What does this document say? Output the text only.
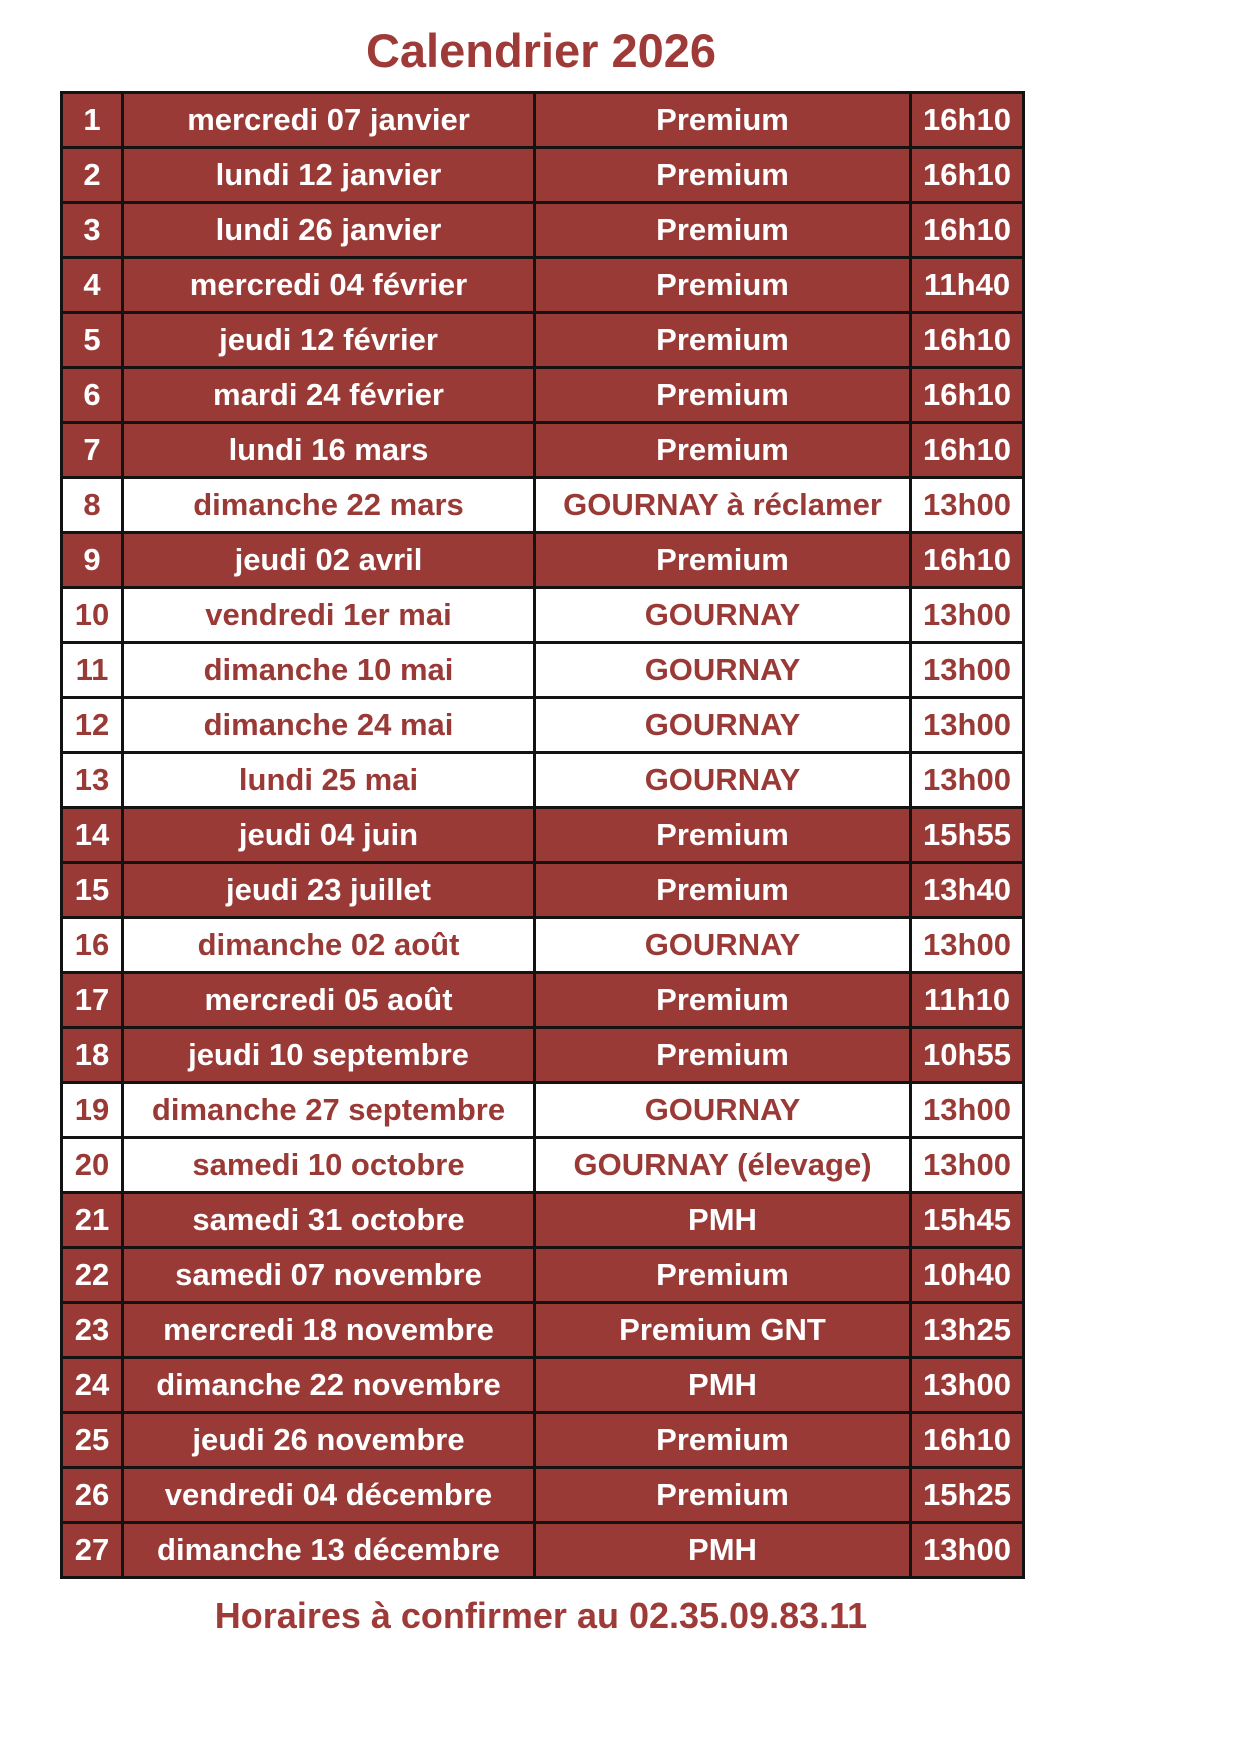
Calendrier 2026
1	mercredi 07 janvier	Premium	16h10
2	lundi 12 janvier	Premium	16h10
3	lundi 26 janvier	Premium	16h10
4	mercredi 04 février	Premium	11h40
5	jeudi 12 février	Premium	16h10
6	mardi 24 février	Premium	16h10
7	lundi 16 mars	Premium	16h10
8	dimanche 22 mars	GOURNAY à réclamer	13h00
9	jeudi 02 avril	Premium	16h10
10	vendredi 1er mai	GOURNAY	13h00
11	dimanche 10 mai	GOURNAY	13h00
12	dimanche 24 mai	GOURNAY	13h00
13	lundi 25 mai	GOURNAY	13h00
14	jeudi 04 juin	Premium	15h55
15	jeudi 23 juillet	Premium	13h40
16	dimanche 02 août	GOURNAY	13h00
17	mercredi 05 août	Premium	11h10
18	jeudi 10 septembre	Premium	10h55
19	dimanche 27 septembre	GOURNAY	13h00
20	samedi 10 octobre	GOURNAY (élevage)	13h00
21	samedi 31 octobre	PMH	15h45
22	samedi 07 novembre	Premium	10h40
23	mercredi 18 novembre	Premium GNT	13h25
24	dimanche 22 novembre	PMH	13h00
25	jeudi 26 novembre	Premium	16h10
26	vendredi 04 décembre	Premium	15h25
27	dimanche 13 décembre	PMH	13h00
Horaires à confirmer au 02.35.09.83.11
